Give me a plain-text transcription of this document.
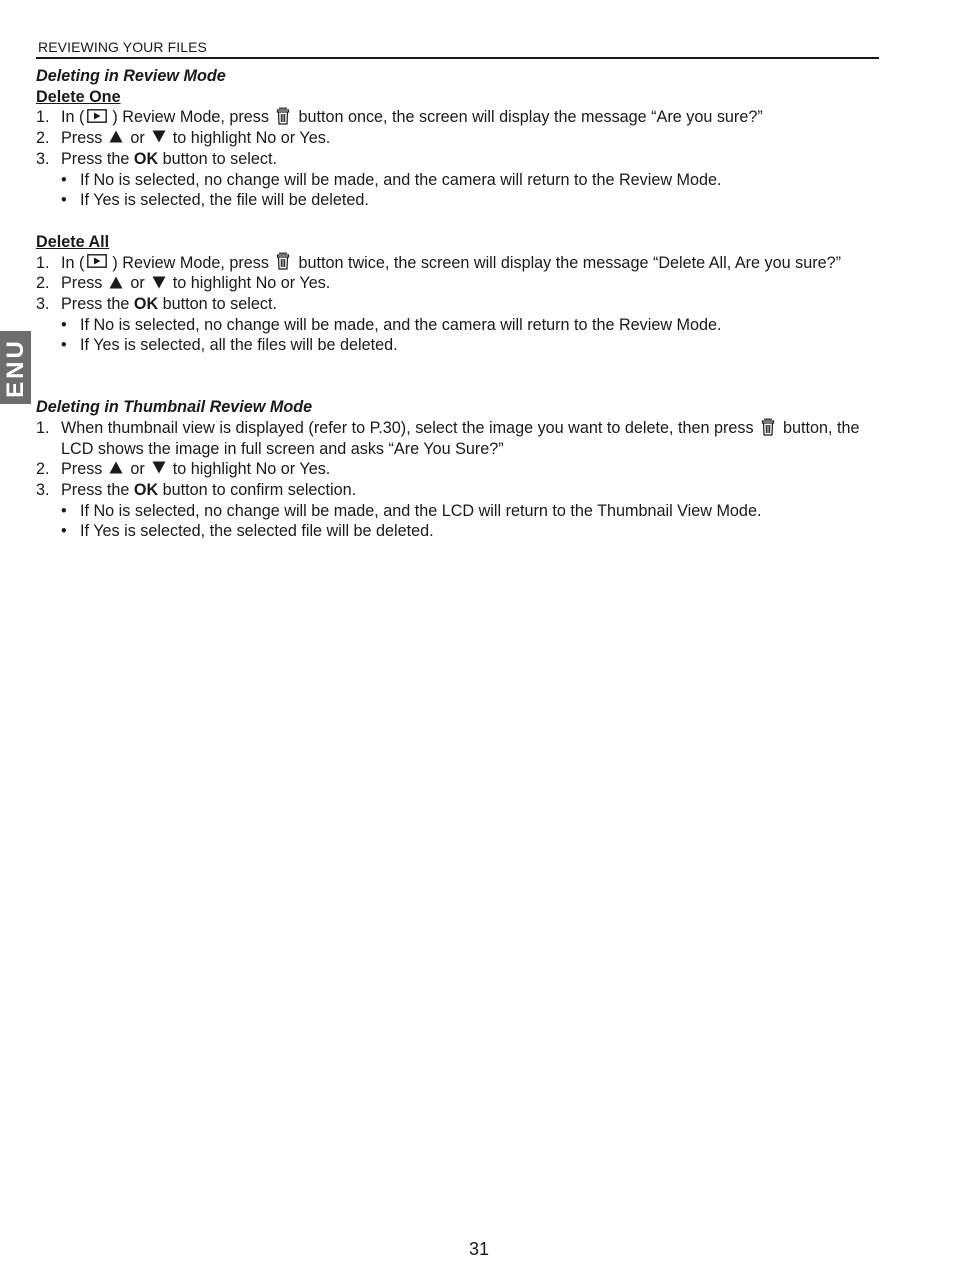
REVIEWING YOUR FILES
ENU
Deleting in Review Mode
Delete One
1. In ( ) Review Mode, press button once, the screen will display the message “Are you sure?”
2. Press or to highlight No or Yes.
3. Press the OK button to select.
• If No is selected, no change will be made, and the camera will return to the Review Mode.
• If Yes is selected, the file will be deleted.
Delete All
1. In ( ) Review Mode, press button twice, the screen will display the message “Delete All, Are you sure?”
2. Press or to highlight No or Yes.
3. Press the OK button to select.
• If No is selected, no change will be made, and the camera will return to the Review Mode.
• If Yes is selected, all the files will be deleted.
Deleting in Thumbnail Review Mode
1. When thumbnail view is displayed (refer to P.30), select the image you want to delete, then press button, the LCD shows the image in full screen and asks “Are You Sure?”
2. Press or to highlight No or Yes.
3. Press the OK button to confirm selection.
• If No is selected, no change will be made, and the LCD will return to the Thumbnail View Mode.
• If Yes is selected, the selected file will be deleted.
31
